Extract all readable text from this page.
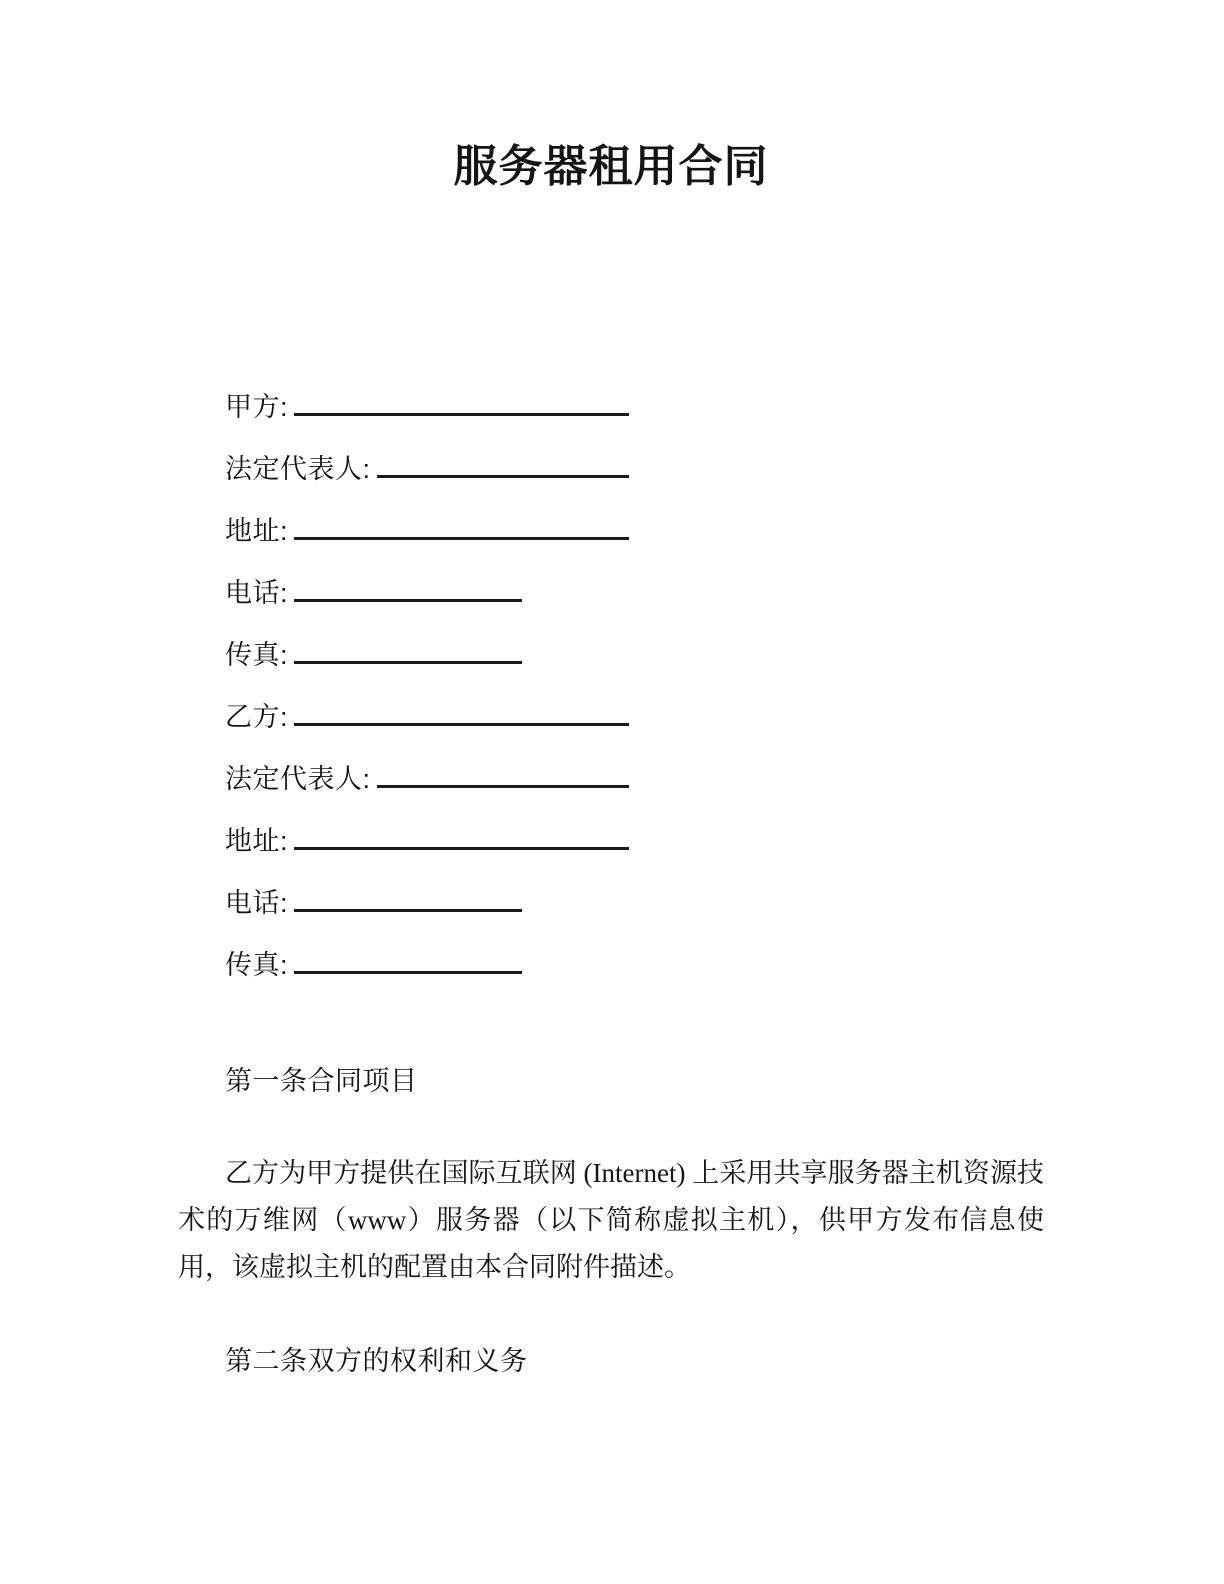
服务器租用合同
甲方:
法定代表人:
地址:
电话:
传真:
乙方:
法定代表人:
地址:
电话:
传真:
第一条合同项目

乙方为甲方提供在国际互联网 (Internet) 上采用共享服务器主机资源技术的万维网（www）服务器（以下简称虚拟主机），供甲方发布信息使用，该虚拟主机的配置由本合同附件描述。

第二条双方的权利和义务
